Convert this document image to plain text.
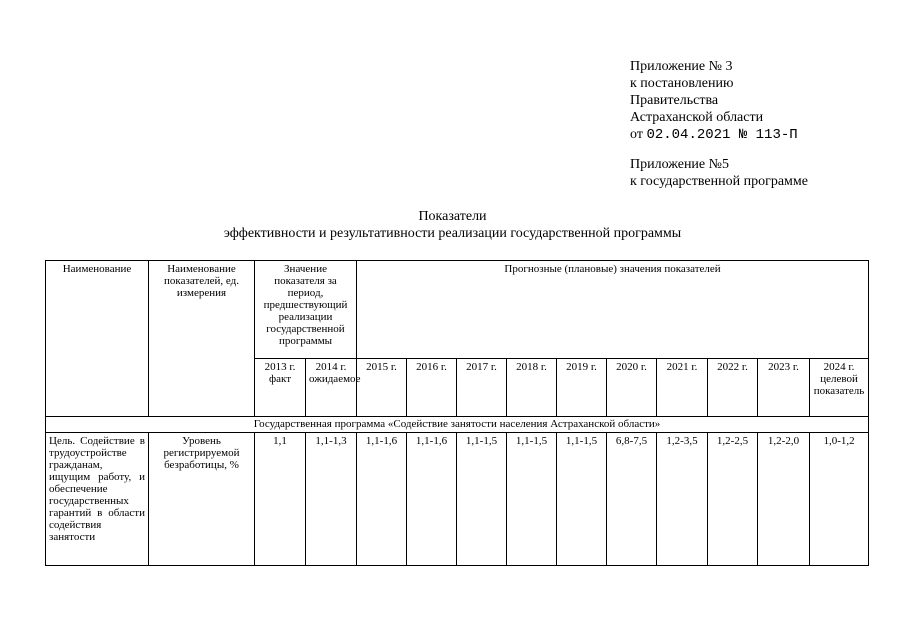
Приложение № 3
к постановлению
Правительства
Астраханской области
от 02.04.2021 № 113-П
Приложение №5
к государственной программе
Показатели
эффективности и результативности реализации государственной программы
Наименование	Наименование показателей, ед. измерения	Значение показателя за период, предшествующий реализации государственной программы		Прогнозные (плановые) значения показателей									
		2013 г. факт	2014 г. ожидаемое	2015 г.	2016 г.	2017 г.	2018 г.	2019 г.	2020 г.	2021 г.	2022 г.	2023 г.	2024 г. целевой показатель
Государственная программа «Содействие занятости населения Астраханской области»													
Цель. Содействие в трудоустройстве гражданам, ищущим работу, и обеспечение государственных гарантий в области содействия занятости	Уровень регистрируемой безработицы, %	1,1	1,1-1,3	1,1-1,6	1,1-1,6	1,1-1,5	1,1-1,5	1,1-1,5	6,8-7,5	1,2-3,5	1,2-2,5	1,2-2,0	1,0-1,2
